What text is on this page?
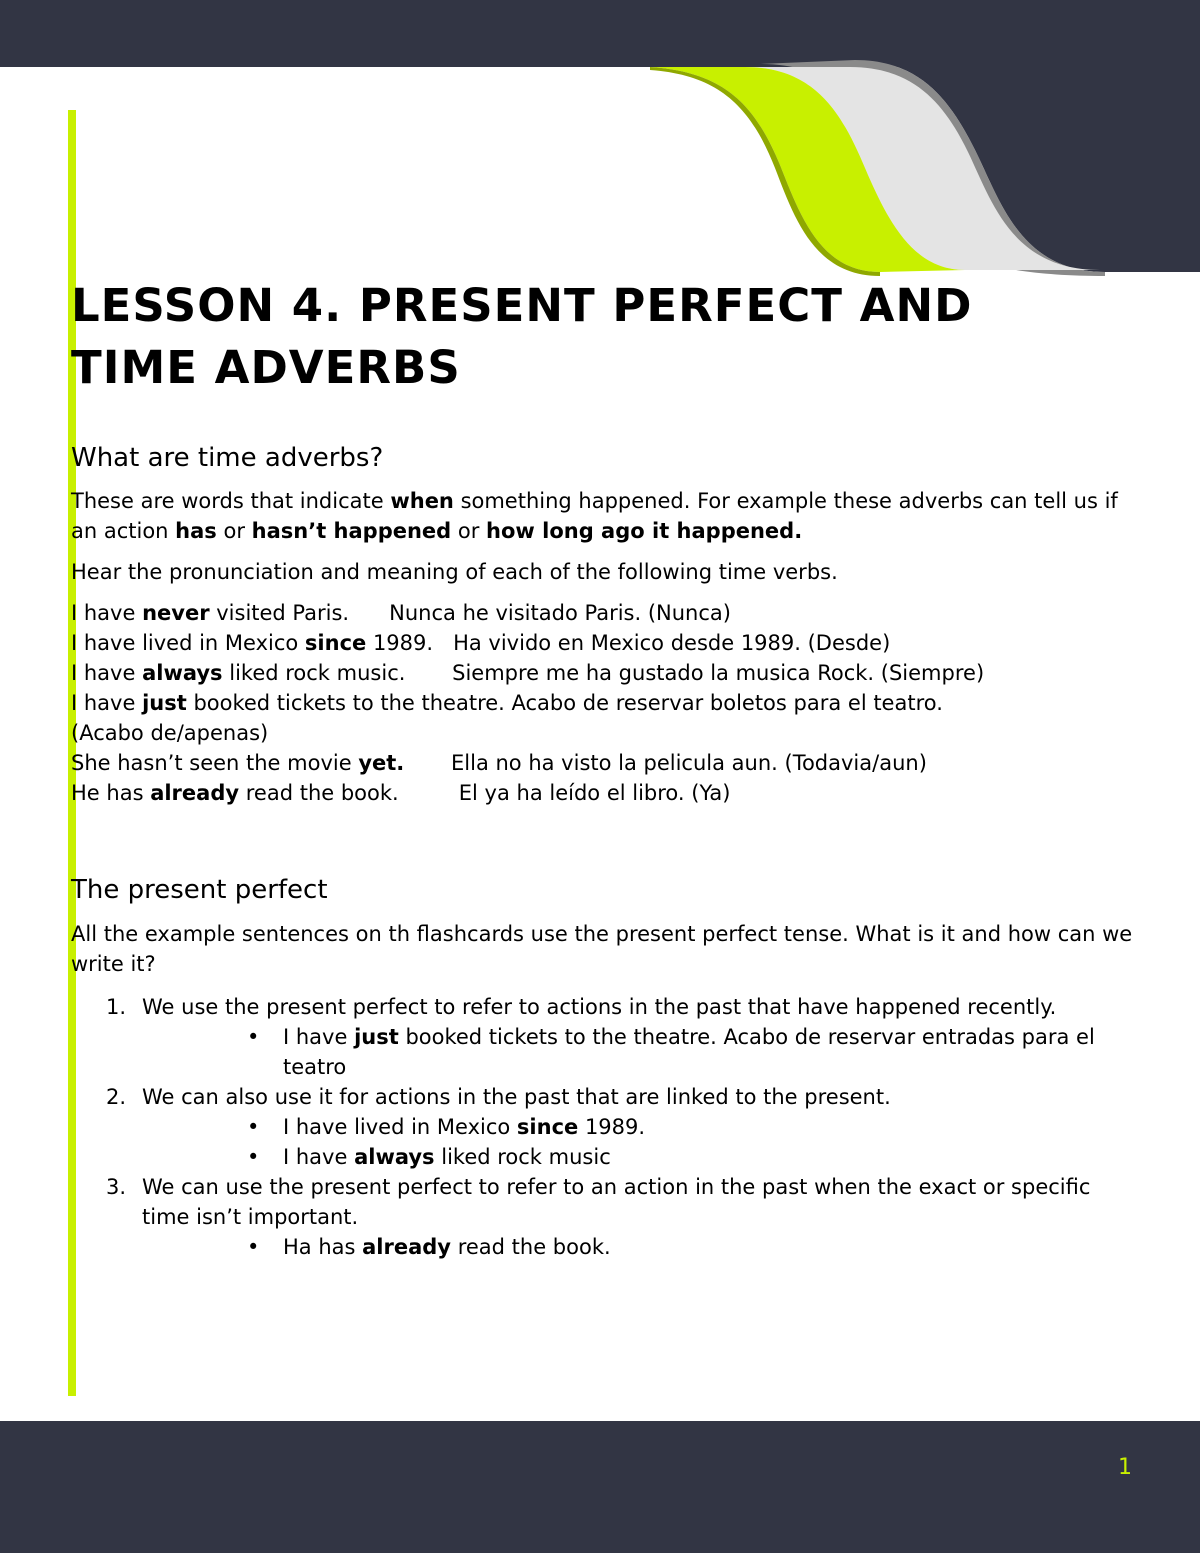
LESSON 4. PRESENT PERFECT AND
TIME ADVERBS
What are time adverbs?

These are words that indicate when something happened. For example these adverbs can tell us if an action has or hasn’t happened or how long ago it happened.

Hear the pronunciation and meaning of each of the following time verbs.

I have never visited Paris.      Nunca he visitado Paris. (Nunca)
I have lived in Mexico since 1989.   Ha vivido en Mexico desde 1989. (Desde)
I have always liked rock music.       Siempre me ha gustado la musica Rock. (Siempre)
I have just booked tickets to the theatre. Acabo de reservar boletos para el teatro.
(Acabo de/apenas)
She hasn’t seen the movie yet.       Ella no ha visto la pelicula aun. (Todavia/aun)
He has already read the book.         El ya ha leído el libro. (Ya)
The present perfect

All the example sentences on th flashcards use the present perfect tense. What is it and how can we write it?

1. We use the present perfect to refer to actions in the past that have happened recently.
•	I have just booked tickets to the theatre. Acabo de reservar entradas para el teatro
2. We can also use it for actions in the past that are linked to the present.
•	I have lived in Mexico since 1989.
•	I have always liked rock music
3. We can use the present perfect to refer to an action in the past when the exact or specific time isn’t important.
•	Ha has already read the book.
1
